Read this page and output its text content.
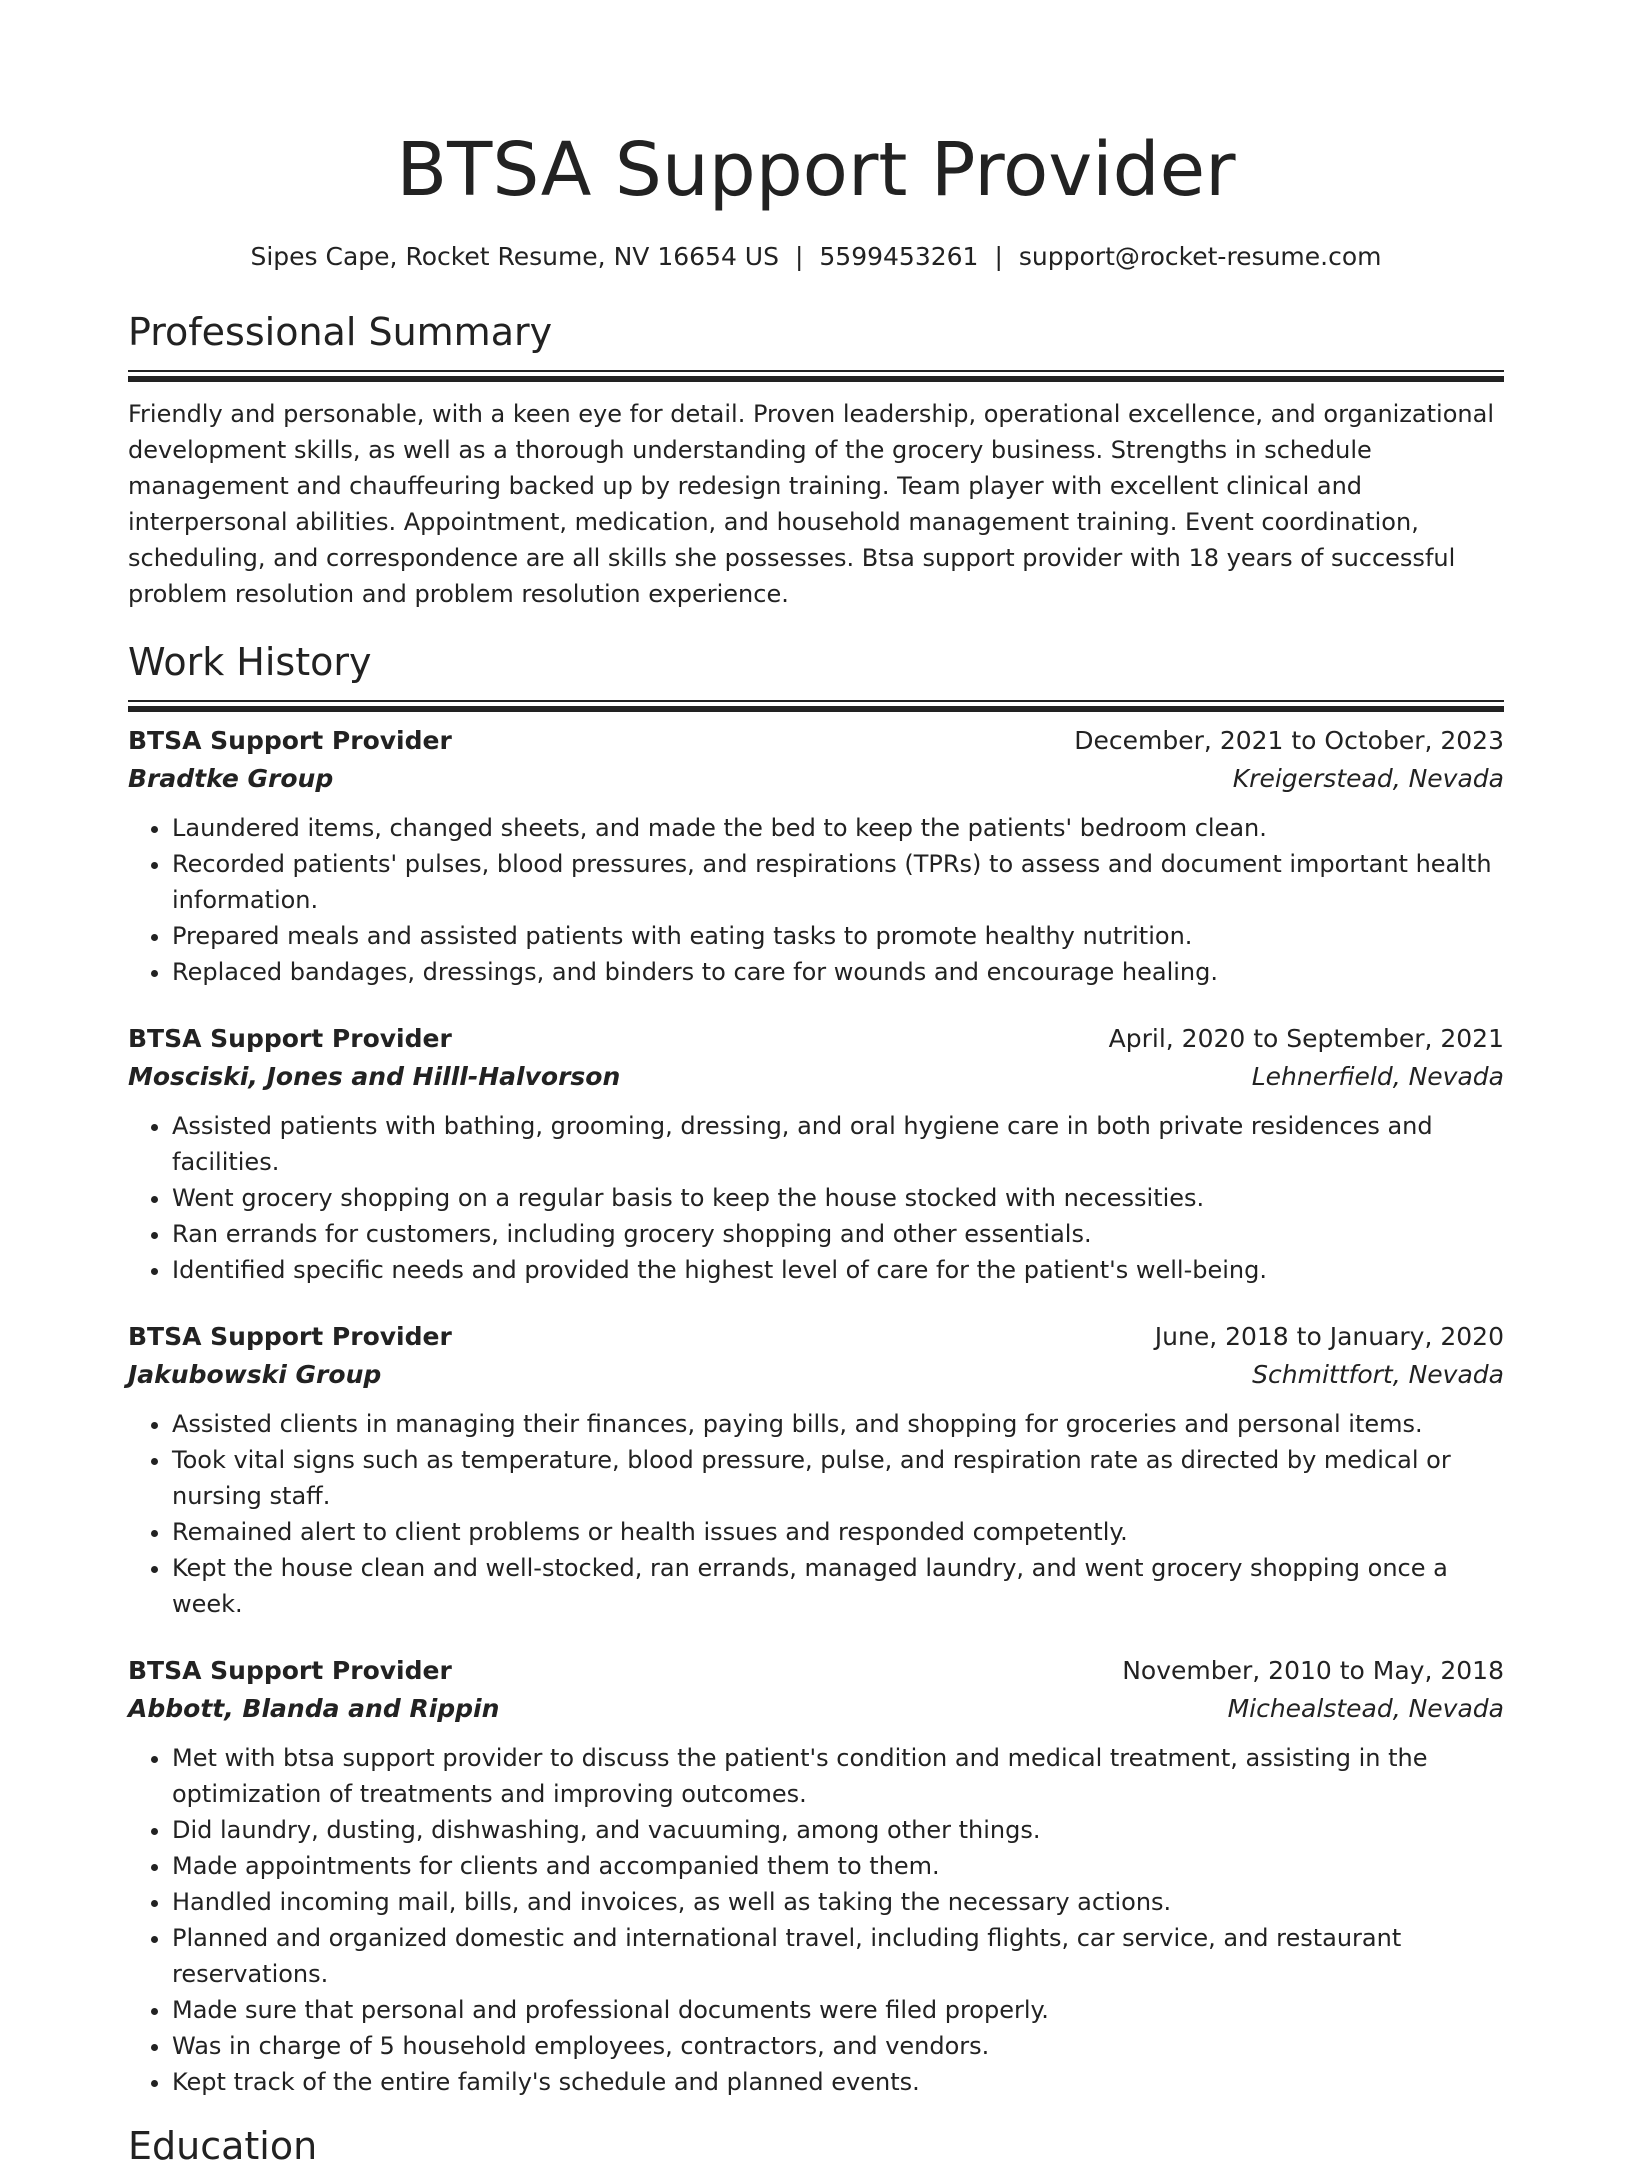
BTSA Support Provider
Sipes Cape, Rocket Resume, NV 16654 US | 5599453261 | support@rocket-resume.com
Professional Summary
Friendly and personable, with a keen eye for detail. Proven leadership, operational excellence, and organizational development skills, as well as a thorough understanding of the grocery business. Strengths in schedule management and chauffeuring backed up by redesign training. Team player with excellent clinical and interpersonal abilities. Appointment, medication, and household management training. Event coordination, scheduling, and correspondence are all skills she possesses. Btsa support provider with 18 years of successful problem resolution and problem resolution experience.
Work History
BTSA Support Provider	December, 2021 to October, 2023
Bradtke Group	Kreigerstead, Nevada
• Laundered items, changed sheets, and made the bed to keep the patients' bedroom clean.
• Recorded patients' pulses, blood pressures, and respirations (TPRs) to assess and document important health information.
• Prepared meals and assisted patients with eating tasks to promote healthy nutrition.
• Replaced bandages, dressings, and binders to care for wounds and encourage healing.
BTSA Support Provider	April, 2020 to September, 2021
Mosciski, Jones and Hilll-Halvorson	Lehnerfield, Nevada
• Assisted patients with bathing, grooming, dressing, and oral hygiene care in both private residences and facilities.
• Went grocery shopping on a regular basis to keep the house stocked with necessities.
• Ran errands for customers, including grocery shopping and other essentials.
• Identified specific needs and provided the highest level of care for the patient's well-being.
BTSA Support Provider	June, 2018 to January, 2020
Jakubowski Group	Schmittfort, Nevada
• Assisted clients in managing their finances, paying bills, and shopping for groceries and personal items.
• Took vital signs such as temperature, blood pressure, pulse, and respiration rate as directed by medical or nursing staff.
• Remained alert to client problems or health issues and responded competently.
• Kept the house clean and well-stocked, ran errands, managed laundry, and went grocery shopping once a week.
BTSA Support Provider	November, 2010 to May, 2018
Abbott, Blanda and Rippin	Michealstead, Nevada
• Met with btsa support provider to discuss the patient's condition and medical treatment, assisting in the optimization of treatments and improving outcomes.
• Did laundry, dusting, dishwashing, and vacuuming, among other things.
• Made appointments for clients and accompanied them to them.
• Handled incoming mail, bills, and invoices, as well as taking the necessary actions.
• Planned and organized domestic and international travel, including flights, car service, and restaurant reservations.
• Made sure that personal and professional documents were filed properly.
• Was in charge of 5 household employees, contractors, and vendors.
• Kept track of the entire family's schedule and planned events.
Education
